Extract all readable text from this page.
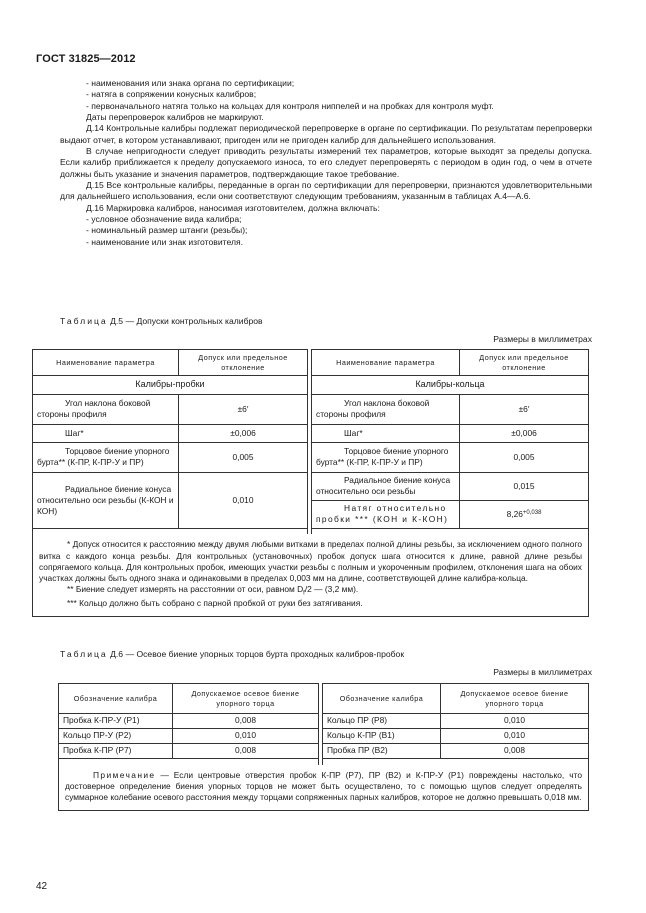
ГОСТ 31825—2012

- наименования или знака органа по сертификации;

- натяга в сопряжении конусных калибров;

- первоначального натяга только на кольцах для контроля ниппелей и на пробках для контроля муфт.

Даты перепроверок калибров не маркируют.

Д.14 Контрольные калибры подлежат периодической перепроверке в органе по сертификации. По результатам перепроверки выдают отчет, в котором устанавливают, пригоден или не пригоден калибр для дальнейшего использования.

В случае непригодности следует приводить результаты измерений тех параметров, которые выходят за пределы допуска. Если калибр приближается к пределу допускаемого износа, то его следует перепроверять с периодом в один год, о чем в отчете должны быть указание и значения параметров, подтверждающие такое требование.

Д.15 Все контрольные калибры, переданные в орган по сертификации для перепроверки, признаются удовлетворительными для дальнейшего использования, если они соответствуют следующим требованиям, указанным в таблицах А.4—А.6.

Д.16 Маркировка калибров, наносимая изготовителем, должна включать:

- условное обозначение вида калибра;

- номинальный размер штанги (резьбы);

- наименование или знак изготовителя.

Таблица Д.5 — Допуски контрольных калибров
Размеры в миллиметрах
Наименование параметра	Допуск или предельное отклонение		Наименование параметра	Допуск или предельное отклонение
Калибры-пробки			Калибры-кольца	

Угол наклона боковой стороны профиля	±6′		Угол наклона боковой стороны профиля	±6′

Шаг*	±0,006		Шаг*	±0,006

Торцовое биение упорного бурта** (К-ПР, К-ПР-У и ПР)	0,005		Торцовое биение упорного бурта** (К-ПР, К-ПР-У и ПР)	0,005

Радиальное биение конуса относительно оси резьбы (К-КОН и КОН)	0,010		Радиальное биение конуса относительно оси резьбы	0,015

			Натяг относительно пробки *** (КОН и К-КОН)	$8,26^{+0,038}$

* Допуск относится к расстоянию между двумя любыми витками в пределах полной длины резьбы, за исключением одного полного витка с каждого конца резьбы. Для контрольных (установочных) пробок допуск шага относится к длине, равной длине резьбы сопрягаемого кольца. Для контрольных пробок, имеющих участки резьбы с полным и укороченным профилем, отклонения шага на обоих участках должны быть одного знака и одинаковыми в пределах 0,003 мм на длине, соответствующей длине калибра-кольца.
** Биение следует измерять на расстоянии от оси, равном $D_f/2$ — (3,2 мм).
*** Кольцо должно быть собрано с парной пробкой от руки без затягивания.				
Таблица Д.6 — Осевое биение упорных торцов бурта проходных калибров-пробок
Размеры в миллиметрах
Обозначение калибра	Допускаемое осевое биение упорного торца		Обозначение калибра	Допускаемое осевое биение упорного торца
Пробка К-ПР-У (Р1)	0,008		Кольцо ПР (Р8)	0,010
Кольцо ПР-У (Р2)	0,010		Кольцо К-ПР (В1)	0,010
Пробка К-ПР (Р7)	0,008		Пробка ПР (В2)	0,008

Примечание — Если центровые отверстия пробок К-ПР (Р7), ПР (В2) и К-ПР-У (Р1) повреждены настолько, что достоверное определение биения упорных торцов не может быть осуществлено, то с помощью щупов следует определять суммарное колебание осевого расстояния между торцами сопряженных парных калибров, которое не должно превышать 0,018 мм.				
42
